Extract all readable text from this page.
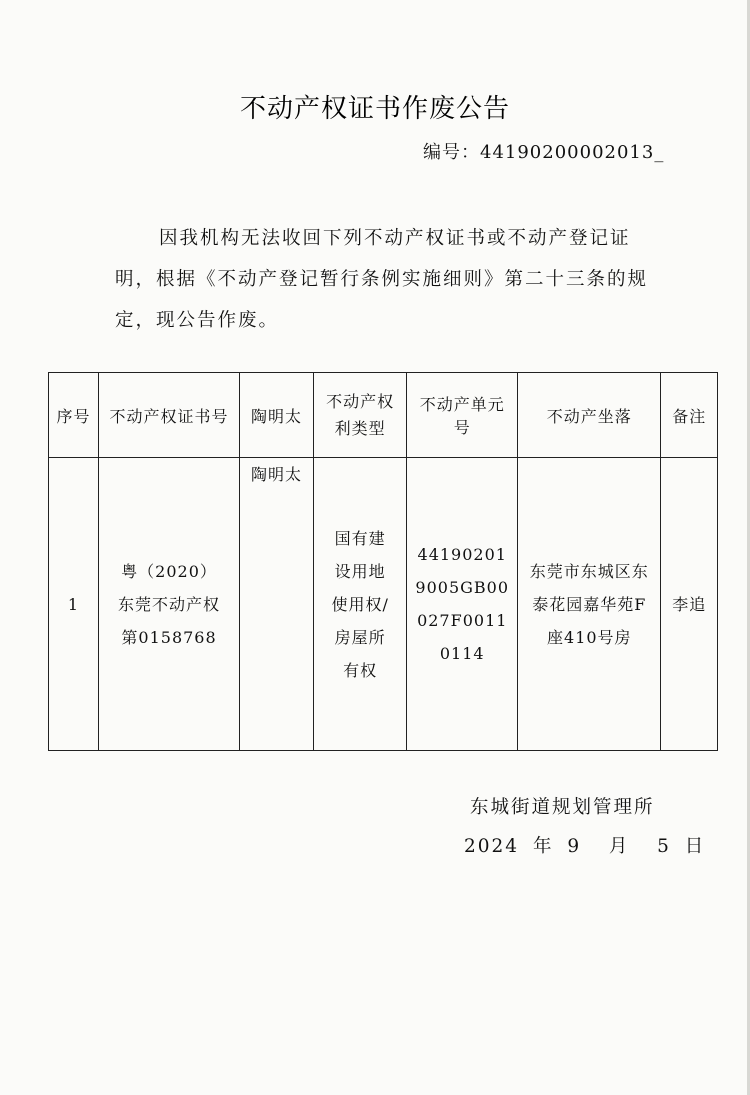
不动产权证书作废公告
编号：44190200002013_
因我机构无法收回下列不动产权证书或不动产登记证明，根据《不动产登记暂行条例实施细则》第二十三条的规定，现公告作废。
序号	不动产权证书号	陶明太	不动产权利类型	不动产单元号	不动产坐落	备注
1	粤（2020）东莞不动产权第0158768	陶明太	国有建设用地使用权/房屋所有权	441902019005GB00027F00110114	东莞市东城区东泰花园嘉华苑F座410号房	李追
东城街道规划管理所
2024 年 9  月  5 日
